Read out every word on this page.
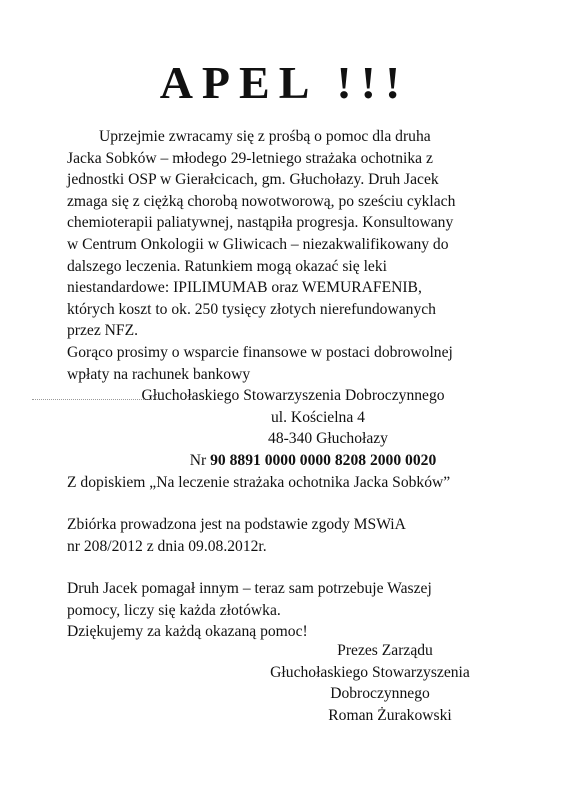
APEL !!!

Uprzejmie zwracamy się z prośbą o pomoc dla druha

Jacka Sobków – młodego 29-letniego strażaka ochotnika z

jednostki OSP w Gierałcicach, gm. Głuchołazy. Druh Jacek

zmaga się z ciężką chorobą nowotworową, po sześciu cyklach

chemioterapii paliatywnej, nastąpiła progresja. Konsultowany

w Centrum Onkologii w Gliwicach – niezakwalifikowany do

dalszego leczenia. Ratunkiem mogą okazać się leki

niestandardowe: IPILIMUMAB oraz WEMURAFENIB,

których koszt to ok. 250 tysięcy złotych nierefundowanych

przez NFZ.

Gorąco prosimy o wsparcie finansowe w postaci dobrowolnej

wpłaty na rachunek bankowy

Głuchołaskiego Stowarzyszenia Dobroczynnego

ul. Kościelna 4

48-340 Głuchołazy

Nr 90 8891 0000 0000 8208 2000 0020

Z dopiskiem „Na leczenie strażaka ochotnika Jacka Sobków”

Zbiórka prowadzona jest na podstawie zgody MSWiA

nr 208/2012 z dnia 09.08.2012r.

Druh Jacek pomagał innym – teraz sam potrzebuje Waszej

pomocy, liczy się każda złotówka.

Dziękujemy za każdą okazaną pomoc!

Prezes Zarządu
Głuchołaskiego Stowarzyszenia
Dobroczynnego
Roman Żurakowski
